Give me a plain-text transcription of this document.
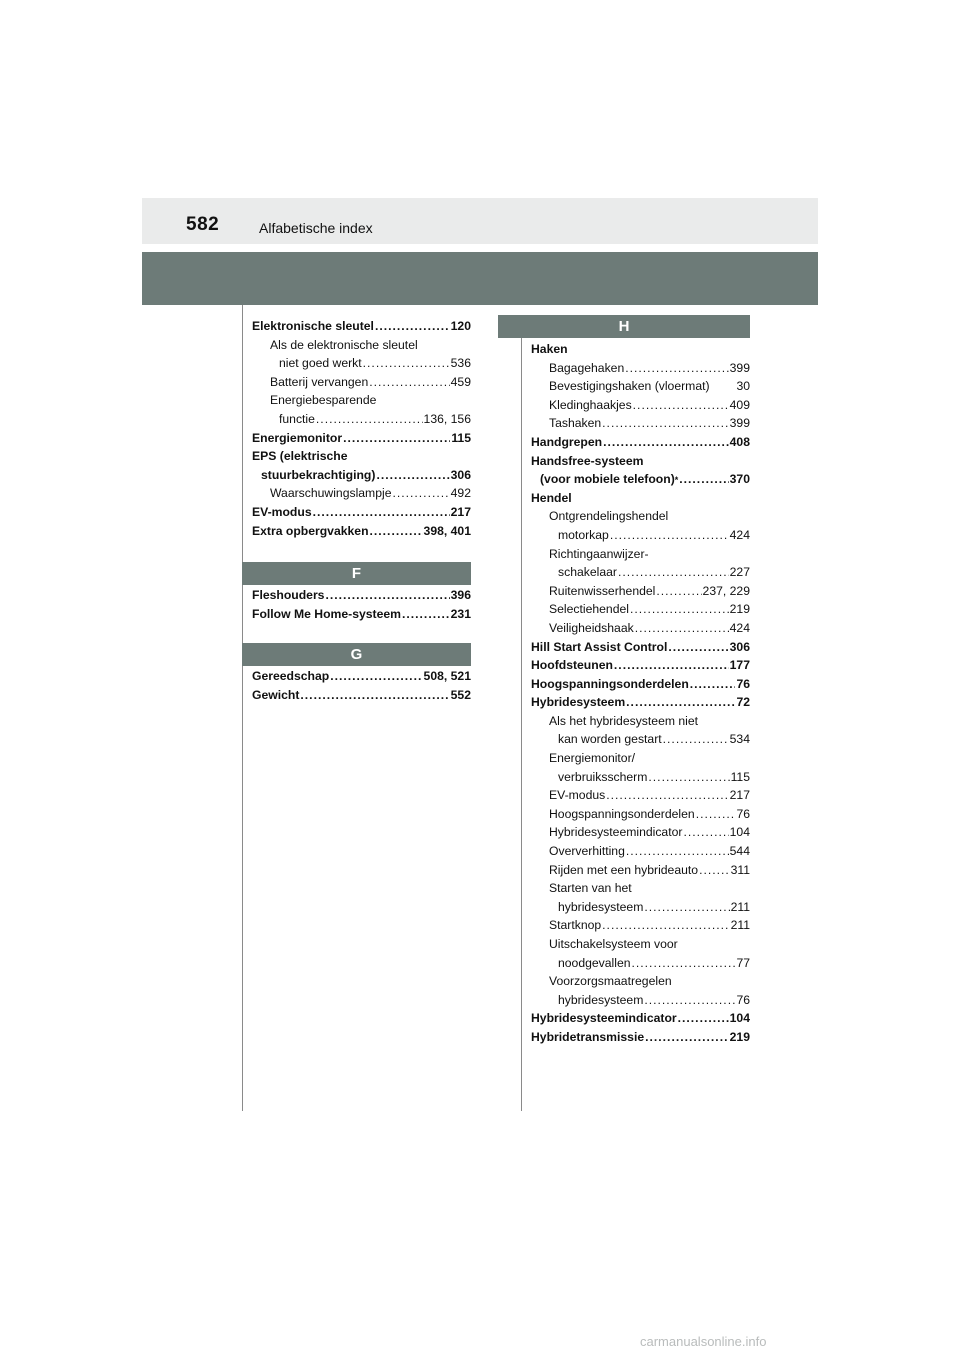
582	Alfabetische index
Elektronische sleutel .....	120
Als de elektronische sleutel
niet goed werkt .....	536
Batterij vervangen .....	459
Energiebesparende
functie .....	136, 156
Energiemonitor .....	115
EPS (elektrische
stuurbekrachtiging) .....	306
Waarschuwingslampje .....	492
EV-modus .....	217
Extra opbergvakken .....	398, 401
F
Fleshouders .....	396
Follow Me Home-systeem .....	231
G
Gereedschap .....	508, 521
Gewicht .....	552
H
Haken
Bagagehaken .....	399
Bevestigingshaken (vloermat) 30
Kledinghaakjes .....	409
Tashaken .....	399
Handgrepen .....	408
Handsfree-systeem
(voor mobiele telefoon) * .....	370
Hendel
Ontgrendelingshendel
motorkap .....	424
Richtingaanwijzer-
schakelaar .....	227
Ruitenwisserhendel .....	237, 229
Selectiehendel .....	219
Veiligheidshaak .....	424
Hill Start Assist Control .....	306
Hoofdsteunen .....	177
Hoogspanningsonderdelen .....	76
Hybridesysteem .....	72
Als het hybridesysteem niet
kan worden gestart .....	534
Energiemonitor/
verbruiksscherm .....	115
EV-modus .....	217
Hoogspanningsonderdelen .....	76
Hybridesysteemindicator .....	104
Oververhitting .....	544
Rijden met een hybrideauto .....	311
Starten van het
hybridesysteem .....	211
Startknop .....	211
Uitschakelsysteem voor
noodgevallen .....	77
Voorzorgsmaatregelen
hybridesysteem .....	76
Hybridesysteemindicator .....	104
Hybridetransmissie .....	219
carmanualsonline.info
